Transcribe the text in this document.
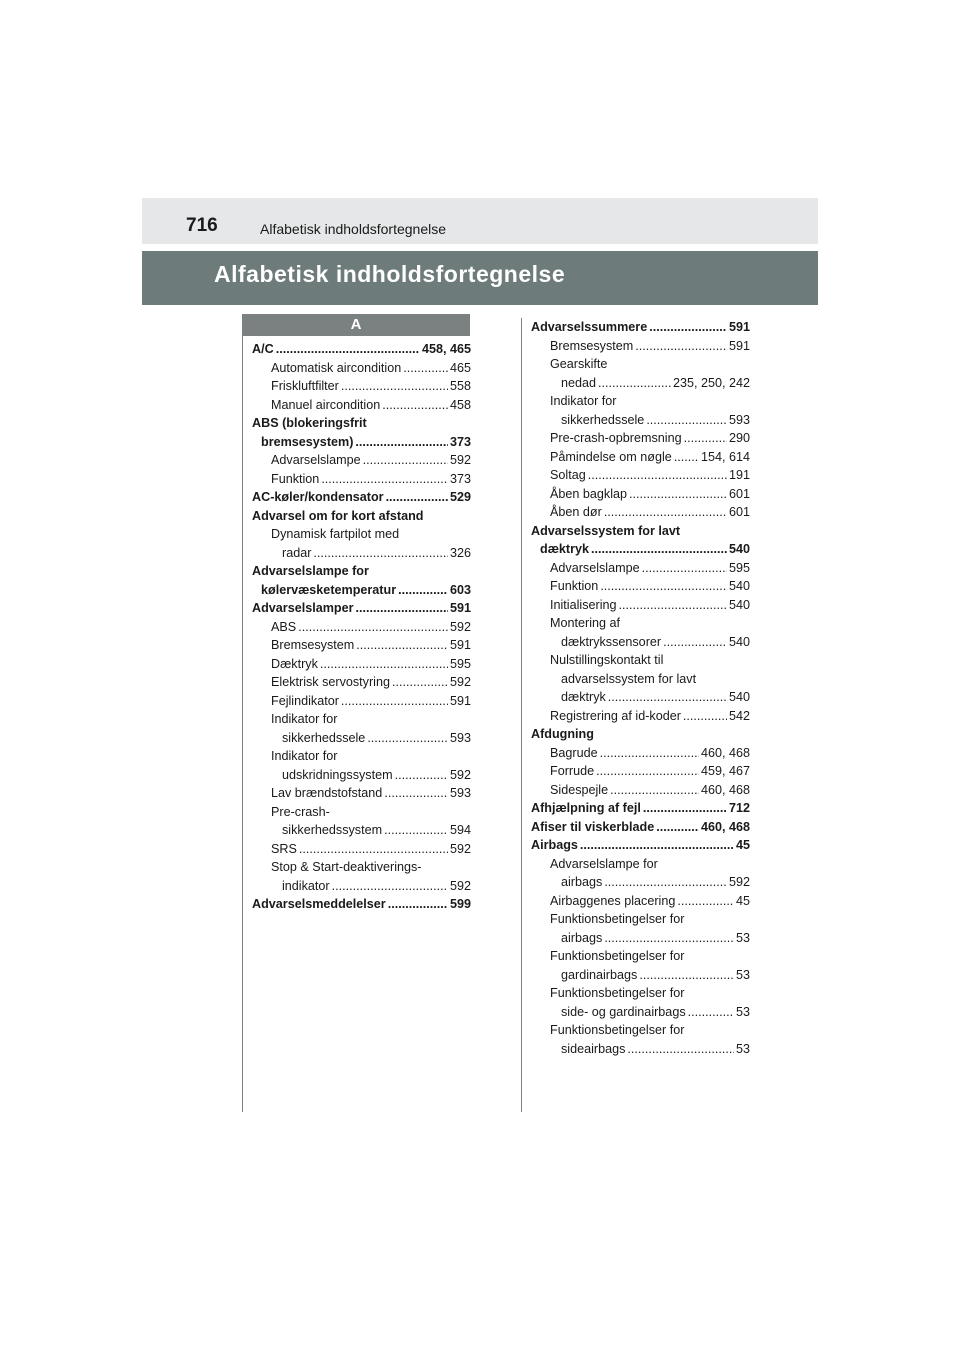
716	Alfabetisk indholdsfortegnelse
Alfabetisk indholdsfortegnelse
A
A/C .....	458, 465
Automatisk aircondition .....	465
Friskluftfilter .....	558
Manuel aircondition .....	458
ABS (blokeringsfrit
bremsesystem) .....	373
Advarselslampe .....	592
Funktion .....	373
AC-køler/kondensator .....	529
Advarsel om for kort afstand
Dynamisk fartpilot med
radar .....	326
Advarselslampe for
kølervæsketemperatur .....	603
Advarselslamper .....	591
ABS .....	592
Bremsesystem .....	591
Dæktryk .....	595
Elektrisk servostyring .....	592
Fejlindikator .....	591
Indikator for
sikkerhedssele .....	593
Indikator for
udskridningssystem .....	592
Lav brændstofstand .....	593
Pre-crash-
sikkerhedssystem .....	594
SRS .....	592
Stop & Start-deaktiverings-
indikator .....	592
Advarselsmeddelelser .....	599
Advarselssummere .....	591
Bremsesystem .....	591
Gearskifte
nedad .....	235, 250, 242
Indikator for
sikkerhedssele .....	593
Pre-crash-opbremsning .....	290
Påmindelse om nøgle ..... 154, 614
Soltag .....	191
Åben bagklap .....	601
Åben dør .....	601
Advarselssystem for lavt
dæktryk .....	540
Advarselslampe .....	595
Funktion .....	540
Initialisering .....	540
Montering af
dæktrykssensorer .....	540
Nulstillingskontakt til
advarselssystem for lavt
dæktryk .....	540
Registrering af id-koder .....	542
Afdugning
Bagrude .....	460, 468
Forrude .....	459, 467
Sidespejle .....	460, 468
Afhjælpning af fejl .....	712
Afiser til viskerblade .....	460, 468
Airbags .....	45
Advarselslampe for
airbags .....	592
Airbaggenes placering .....	45
Funktionsbetingelser for
airbags .....	53
Funktionsbetingelser for
gardinairbags .....	53
Funktionsbetingelser for
side- og gardinairbags .....	53
Funktionsbetingelser for
sideairbags .....	53
